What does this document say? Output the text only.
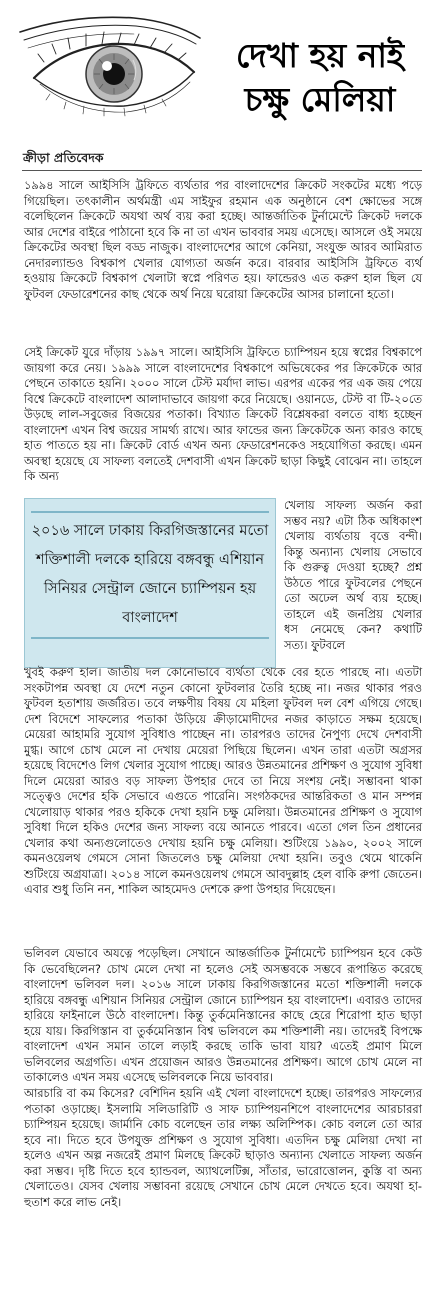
দেখা হয় নাই
চক্ষু মেলিয়া
ক্রীড়া প্রতিবেদক

১৯৯৪ সালে আইসিসি ট্রফিতে ব্যর্থতার পর বাংলাদেশের ক্রিকেট সংকটের মধ্যে পড়ে গিয়েছিল। তৎকালীন অর্থমন্ত্রী এম সাইফুর রহমান এক অনুষ্ঠানে বেশ ক্ষোভের সঙ্গে বলেছিলেন ক্রিকেটে অযথা অর্থ ব্যয় করা হচ্ছে। আন্তর্জাতিক টুর্নামেন্টে ক্রিকেট দলকে আর দেশের বাইরে পাঠানো হবে কি না তা এখন ভাববার সময় এসেছে। আসলে ওই সময়ে ক্রিকেটের অবস্থা ছিল বড্ড নাজুক। বাংলাদেশের আগে কেনিয়া, সংযুক্ত আরব আমিরাত নেদারল্যান্ডও বিশ্বকাপ খেলার যোগ্যতা অর্জন করে। বারবার আইসিসি ট্রফিতে ব্যর্থ হওয়ায় ক্রিকেটে বিশ্বকাপ খেলাটা স্বপ্নে পরিণত হয়। ফান্ডেরও এত করুণ হাল ছিল যে ফুটবল ফেডারেশনের কাছ থেকে অর্থ নিয়ে ঘরোয়া ক্রিকেটের আসর চালানো হতো।

সেই ক্রিকেট যুরে দাঁড়ায় ১৯৯৭ সালে। আইসিসি ট্রফিতে চ্যাম্পিয়ন হয়ে স্বপ্নের বিশ্বকাপে জায়গা করে নেয়। ১৯৯৯ সালে বাংলাদেশের বিশ্বকাপে অভিষেকের পর ক্রিকেটকে আর পেছনে তাকাতে হয়নি। ২০০০ সালে টেস্ট মর্যাদা লাভ। এরপর একের পর এক জয় পেয়ে বিশ্বে ক্রিকেটে বাংলাদেশ আলাদাভাবে জায়গা করে নিয়েছে। ওয়ানডে, টেস্ট বা টি-২০তে উড়ছে লাল-সবুজের বিজয়ের পতাকা। বিখ্যাত ক্রিকেট বিশ্লেষকরা বলতে বাধ্য হচ্ছেন বাংলাদেশ এখন বিশ্ব জয়ের সামর্থ্য রাখে। আর ফান্ডের জন্য ক্রিকেটকে অন্য কারও কাছে হাত পাততে হয় না। ক্রিকেট বোর্ড এখন অন্য ফেডারেশনকেও সহযোগিতা করছে। এমন অবস্থা হয়েছে যে সাফল্য বলতেই দেশবাসী এখন ক্রিকেট ছাড়া কিছুই বোঝেন না। তাহলে কি অন্য

২০১৬ সালে ঢাকায় কিরগিজস্তানের মতো শক্তিশালী দলকে হারিয়ে বঙ্গবন্ধু এশিয়ান সিনিয়র সেন্ট্রাল জোনে চ্যাম্পিয়ন হয় বাংলাদেশ

খেলায় সাফল্য অর্জন করা সম্ভব নয়? এটা ঠিক অধিকাংশ খেলায় ব্যর্থতায় বৃত্তে বন্দী। কিন্তু অন্যান্য খেলায় সেভাবে কি গুরুত্ব দেওয়া হচ্ছে? প্রশ্ন উঠতে পারে ফুটবলের পেছনে তো অঢেল অর্থ ব্যয় হচ্ছে। তাহলে এই জনপ্রিয় খেলার ধস নেমেছে কেন? কথাটি সত্য। ফুটবলে

খুবই করুণ হাল। জাতীয় দল কোনোভাবে ব্যর্থতা থেকে বের হতে পারছে না। এতটা সংকটাপন্ন অবস্থা যে দেশে নতুন কোনো ফুটবলার তৈরি হচ্ছে না। নজর থাকার পরও ফুটবল হতাশায় জর্জরিত। তবে লক্ষণীয় বিষয় যে মহিলা ফুটবল দল বেশ এগিয়ে গেছে। দেশ বিদেশে সাফল্যের পতাকা উড়িয়ে ক্রীড়ামোদীদের নজর কাড়াতে সক্ষম হয়েছে। মেয়েরা আহামরি সুযোগ সুবিধাও পাচ্ছেন না। তারপরও তাদের নৈপুণ্য দেখে দেশবাসী মুগ্ধ। আগে চোখ মেলে না দেখায় মেয়েরা পিছিয়ে ছিলেন। এখন তারা এতটা অগ্রসর হয়েছে বিদেশেও লিগ খেলার সুযোগ পাচ্ছে। আরও উন্নতমানের প্রশিক্ষণ ও সুযোগ সুবিধা দিলে মেয়েরা আরও বড় সাফল্য উপহার দেবে তা নিয়ে সংশয় নেই। সম্ভাবনা থাকা সত্ত্বেও দেশের হকি সেভাবে এগুতে পারেনি। সংগঠকদের আন্তরিকতা ও মান সম্পন্ন খেলোয়াড় থাকার পরও হকিকে দেখা হয়নি চক্ষু মেলিয়া। উন্নতমানের প্রশিক্ষণ ও সুযোগ সুবিধা দিলে হকিও দেশের জন্য সাফল্য বয়ে আনতে পারবে। এতো গেল তিন প্রধানের খেলার কথা অন্যগুলোতেও দেখায় হয়নি চক্ষু মেলিয়া। শুটিংয়ে ১৯৯০, ২০০২ সালে কমনওয়েলথ গেমসে সোনা জিতলেও চক্ষু মেলিয়া দেখা হয়নি। তবুও থেমে থাকেনি শুটিংয়ে অগ্রযাত্রা। ২০১৪ সালে কমনওয়েলথ গেমসে আবদুল্লাহ হেল বাকি রুপা জেতেন। এবার শুধু তিনি নন, শাকিল আহমেদও দেশকে রুপা উপহার দিয়েছেন।

ভলিবল যেভাবে অযত্নে পড়েছিল। সেখানে আন্তর্জাতিক টুর্নামেন্টে চ্যাম্পিয়ন হবে কেউ কি ভেবেছিলেন? চোখ মেলে দেখা না হলেও সেই অসম্ভবকে সম্ভবে রূপান্তিত করেছে বাংলাদেশ ভলিবল দল। ২০১৬ সালে ঢাকায় কিরগিজস্তানের মতো শক্তিশালী দলকে হারিয়ে বঙ্গবন্ধু এশিয়ান সিনিয়র সেন্ট্রাল জোনে চ্যাম্পিয়ন হয় বাংলাদেশ। এবারও তাদের হারিয়ে ফাইনালে উঠে বাংলাদেশ। কিন্তু তুর্কমেনিস্তানের কাছে হেরে শিরোপা হাত ছাড়া হয়ে যায়। কিরগিস্তান বা তুর্কমেনিস্তান বিশ্ব ভলিবলে কম শক্তিশালী নয়। তাদেরই বিপক্ষে বাংলাদেশ এখন সমান তালে লড়াই করছে তাকি ভাবা যায়? এতেই প্রমাণ মিলে ভলিবলের অগ্রগতি। এখন প্রয়োজন আরও উন্নতমানের প্রশিক্ষণ। আগে চোখ মেলে না তাকালেও এখন সময় এসেছে ভলিবলকে নিয়ে ভাববার।

আরচারি বা কম কিসের? বেশিদিন হয়নি এই খেলা বাংলাদেশে হচ্ছে। তারপরও সাফল্যের পতাকা ওড়াচ্ছে। ইসলামি সলিডারিটি ও সাফ চ্যাম্পিয়নশিপে বাংলাদেশের আরচাররা চ্যাম্পিয়ন হয়েছে। জার্মানি কোচ বলেছেন তার লক্ষ্য অলিম্পিক। কোচ বললে তো আর হবে না। দিতে হবে উপযুক্ত প্রশিক্ষণ ও সুযোগ সুবিধা। এতদিন চক্ষু মেলিয়া দেখা না হলেও এখন অল্প নজরেই প্রমাণ মিলছে ক্রিকেট ছাড়াও অন্যান্য খেলাতে সাফল্য অর্জন করা সম্ভব। দৃষ্টি দিতে হবে হ্যান্ডবল, অ্যাথলেটিক্স, সাঁতার, ভারোত্তোলন, কুস্তি বা অন্য খেলাতেও। যেসব খেলায় সম্ভাবনা রয়েছে সেখানে চোখ মেলে দেখতে হবে। অযথা হা-হুতাশ করে লাভ নেই।
